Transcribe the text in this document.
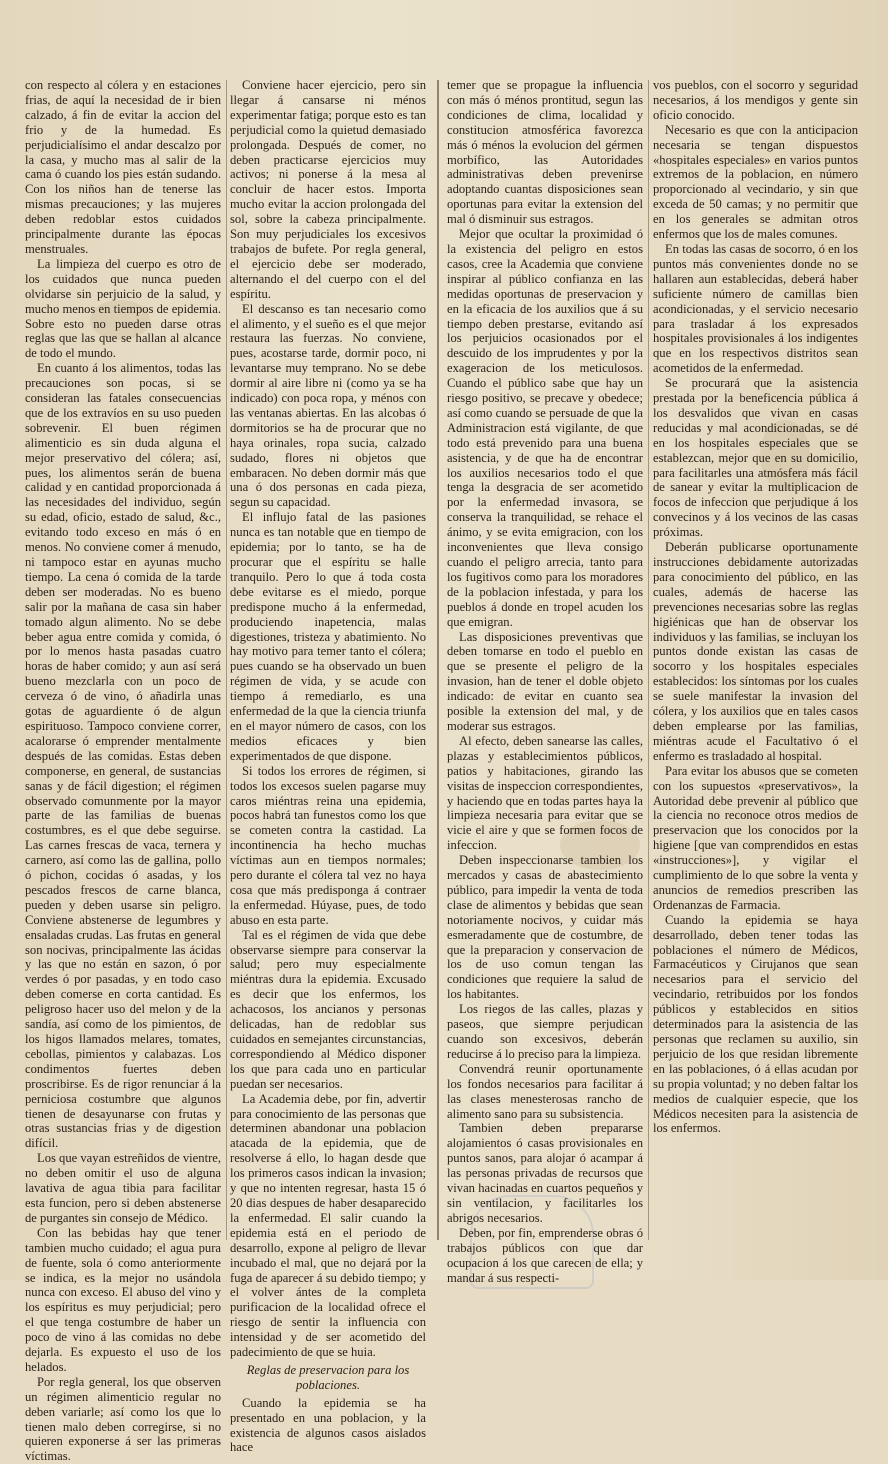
con respecto al cólera y en estaciones frias, de aquí la necesidad de ir bien calzado, á fin de evitar la accion del frio y de la humedad. Es perjudicialísimo el andar descalzo por la casa, y mucho mas al salir de la cama ó cuando los pies están sudando. Con los niños han de tenerse las mismas precauciones; y las mujeres deben redoblar estos cuidados principalmente durante las épocas menstruales.

La limpieza del cuerpo es otro de los cuidados que nunca pueden olvidarse sin perjuicio de la salud, y mucho menos en tiempos de epidemia. Sobre esto no pueden darse otras reglas que las que se hallan al alcance de todo el mundo.

En cuanto á los alimentos, todas las precauciones son pocas, si se consideran las fatales consecuencias que de los extravíos en su uso pueden sobrevenir. El buen régimen alimenticio es sin duda alguna el mejor preservativo del cólera; así, pues, los alimentos serán de buena calidad y en cantidad proporcionada á las necesidades del individuo, según su edad, oficio, estado de salud, &c., evitando todo exceso en más ó en menos. No conviene comer á menudo, ni tampoco estar en ayunas mucho tiempo. La cena ó comida de la tarde deben ser moderadas. No es bueno salir por la mañana de casa sin haber tomado algun alimento. No se debe beber agua entre comida y comida, ó por lo menos hasta pasadas cuatro horas de haber comido; y aun así será bueno mezclarla con un poco de cerveza ó de vino, ó añadirla unas gotas de aguardiente ó de algun espirituoso. Tampoco conviene correr, acalorarse ó emprender mentalmente después de las comidas. Estas deben componerse, en general, de sustancias sanas y de fácil digestion; el régimen observado comunmente por la mayor parte de las familias de buenas costumbres, es el que debe seguirse. Las carnes frescas de vaca, ternera y carnero, así como las de gallina, pollo ó pichon, cocidas ó asadas, y los pescados frescos de carne blanca, pueden y deben usarse sin peligro. Conviene abstenerse de legumbres y ensaladas crudas. Las frutas en general son nocivas, principalmente las ácidas y las que no están en sazon, ó por verdes ó por pasadas, y en todo caso deben comerse en corta cantidad. Es peligroso hacer uso del melon y de la sandía, así como de los pimientos, de los higos llamados melares, tomates, cebollas, pimientos y calabazas. Los condimentos fuertes deben proscribirse. Es de rigor renunciar á la perniciosa costumbre que algunos tienen de desayunarse con frutas y otras sustancias frias y de digestion difícil.

Los que vayan estreñidos de vientre, no deben omitir el uso de alguna lavativa de agua tibia para facilitar esta funcion, pero si deben abstenerse de purgantes sin consejo de Médico.

Con las bebidas hay que tener tambien mucho cuidado; el agua pura de fuente, sola ó como anteriormente se indica, es la mejor no usándola nunca con exceso. El abuso del vino y los espíritus es muy perjudicial; pero el que tenga costumbre de haber un poco de vino á las comidas no debe dejarla. Es expuesto el uso de los helados.

Por regla general, los que observen un régimen alimenticio regular no deben variarle; así como los que lo tienen malo deben corregirse, si no quieren exponerse á ser las primeras víctimas.

Conviene hacer ejercicio, pero sin llegar á cansarse ni ménos experimentar fatiga; porque esto es tan perjudicial como la quietud demasiado prolongada. Después de comer, no deben practicarse ejercicios muy activos; ni ponerse á la mesa al concluir de hacer estos. Importa mucho evitar la accion prolongada del sol, sobre la cabeza principalmente. Son muy perjudiciales los excesivos trabajos de bufete. Por regla general, el ejercicio debe ser moderado, alternando el del cuerpo con el del espíritu.

El descanso es tan necesario como el alimento, y el sueño es el que mejor restaura las fuerzas. No conviene, pues, acostarse tarde, dormir poco, ni levantarse muy temprano. No se debe dormir al aire libre ni (como ya se ha indicado) con poca ropa, y ménos con las ventanas abiertas. En las alcobas ó dormitorios se ha de procurar que no haya orinales, ropa sucia, calzado sudado, flores ni objetos que embaracen. No deben dormir más que una ó dos personas en cada pieza, segun su capacidad.

El influjo fatal de las pasiones nunca es tan notable que en tiempo de epidemia; por lo tanto, se ha de procurar que el espíritu se halle tranquilo. Pero lo que á toda costa debe evitarse es el miedo, porque predispone mucho á la enfermedad, produciendo inapetencia, malas digestiones, tristeza y abatimiento. No hay motivo para temer tanto el cólera; pues cuando se ha observado un buen régimen de vida, y se acude con tiempo á remediarlo, es una enfermedad de la que la ciencia triunfa en el mayor número de casos, con los medios eficaces y bien experimentados de que dispone.

Si todos los errores de régimen, si todos los excesos suelen pagarse muy caros miéntras reina una epidemia, pocos habrá tan funestos como los que se cometen contra la castidad. La incontinencia ha hecho muchas víctimas aun en tiempos normales; pero durante el cólera tal vez no haya cosa que más predisponga á contraer la enfermedad. Húyase, pues, de todo abuso en esta parte.

Tal es el régimen de vida que debe observarse siempre para conservar la salud; pero muy especialmente miéntras dura la epidemia. Excusado es decir que los enfermos, los achacosos, los ancianos y personas delicadas, han de redoblar sus cuidados en semejantes circunstancias, correspondiendo al Médico disponer los que para cada uno en particular puedan ser necesarios.

La Academia debe, por fin, advertir para conocimiento de las personas que determinen abandonar una poblacion atacada de la epidemia, que de resolverse á ello, lo hagan desde que los primeros casos indican la invasion; y que no intenten regresar, hasta 15 ó 20 dias despues de haber desaparecido la enfermedad. El salir cuando la epidemia está en el periodo de desarrollo, expone al peligro de llevar incubado el mal, que no dejará por la fuga de aparecer á su debido tiempo; y el volver ántes de la completa purificacion de la localidad ofrece el riesgo de sentir la influencia con intensidad y de ser acometido del padecimiento de que se huia.

Reglas de preservacion para los poblaciones.

Cuando la epidemia se ha presentado en una poblacion, y la existencia de algunos casos aislados hace

temer que se propague la influencia con más ó ménos prontitud, segun las condiciones de clima, localidad y constitucion atmosférica favorezca más ó ménos la evolucion del gérmen morbífico, las Autoridades administrativas deben prevenirse adoptando cuantas disposiciones sean oportunas para evitar la extension del mal ó disminuir sus estragos.

Mejor que ocultar la proximidad ó la existencia del peligro en estos casos, cree la Academia que conviene inspirar al público confianza en las medidas oportunas de preservacion y en la eficacia de los auxilios que á su tiempo deben prestarse, evitando así los perjuicios ocasionados por el descuido de los imprudentes y por la exageracion de los meticulosos. Cuando el público sabe que hay un riesgo positivo, se precave y obedece; así como cuando se persuade de que la Administracion está vigilante, de que todo está prevenido para una buena asistencia, y de que ha de encontrar los auxilios necesarios todo el que tenga la desgracia de ser acometido por la enfermedad invasora, se conserva la tranquilidad, se rehace el ánimo, y se evita emigracion, con los inconvenientes que lleva consigo cuando el peligro arrecia, tanto para los fugitivos como para los moradores de la poblacion infestada, y para los pueblos á donde en tropel acuden los que emigran.

Las disposiciones preventivas que deben tomarse en todo el pueblo en que se presente el peligro de la invasion, han de tener el doble objeto indicado: de evitar en cuanto sea posible la extension del mal, y de moderar sus estragos.

Al efecto, deben sanearse las calles, plazas y establecimientos públicos, patios y habitaciones, girando las visitas de inspeccion correspondientes, y haciendo que en todas partes haya la limpieza necesaria para evitar que se vicie el aire y que se formen focos de infeccion.

Deben inspeccionarse tambien los mercados y casas de abastecimiento público, para impedir la venta de toda clase de alimentos y bebidas que sean notoriamente nocivos, y cuidar más esmeradamente que de costumbre, de que la preparacion y conservacion de los de uso comun tengan las condiciones que requiere la salud de los habitantes.

Los riegos de las calles, plazas y paseos, que siempre perjudican cuando son excesivos, deberán reducirse á lo preciso para la limpieza.

Convendrá reunir oportunamente los fondos necesarios para facilitar á las clases menesterosas rancho de alimento sano para su subsistencia.

Tambien deben prepararse alojamientos ó casas provisionales en puntos sanos, para alojar ó acampar á las personas privadas de recursos que vivan hacinadas en cuartos pequeños y sin ventilacion, y facilitarles los abrigos necesarios.

Deben, por fin, emprenderse obras ó trabajos públicos con que dar ocupacion á los que carecen de ella; y mandar á sus respecti-

vos pueblos, con el socorro y seguridad necesarios, á los mendigos y gente sin oficio conocido.

Necesario es que con la anticipacion necesaria se tengan dispuestos «hospitales especiales» en varios puntos extremos de la poblacion, en número proporcionado al vecindario, y sin que exceda de 50 camas; y no permitir que en los generales se admitan otros enfermos que los de males comunes.

En todas las casas de socorro, ó en los puntos más convenientes donde no se hallaren aun establecidas, deberá haber suficiente número de camillas bien acondicionadas, y el servicio necesario para trasladar á los expresados hospitales provisionales á los indigentes que en los respectivos distritos sean acometidos de la enfermedad.

Se procurará que la asistencia prestada por la beneficencia pública á los desvalidos que vivan en casas reducidas y mal acondicionadas, se dé en los hospitales especiales que se establezcan, mejor que en su domicilio, para facilitarles una atmósfera más fácil de sanear y evitar la multiplicacion de focos de infeccion que perjudique á los convecinos y á los vecinos de las casas próximas.

Deberán publicarse oportunamente instrucciones debidamente autorizadas para conocimiento del público, en las cuales, además de hacerse las prevenciones necesarias sobre las reglas higiénicas que han de observar los individuos y las familias, se incluyan los puntos donde existan las casas de socorro y los hospitales especiales establecidos: los síntomas por los cuales se suele manifestar la invasion del cólera, y los auxilios que en tales casos deben emplearse por las familias, miéntras acude el Facultativo ó el enfermo es trasladado al hospital.

Para evitar los abusos que se cometen con los supuestos «preservativos», la Autoridad debe prevenir al público que la ciencia no reconoce otros medios de preservacion que los conocidos por la higiene [que van comprendidos en estas «instrucciones»], y vigilar el cumplimiento de lo que sobre la venta y anuncios de remedios prescriben las Ordenanzas de Farmacia.

Cuando la epidemia se haya desarrollado, deben tener todas las poblaciones el número de Médicos, Farmacéuticos y Cirujanos que sean necesarios para el servicio del vecindario, retribuidos por los fondos públicos y establecidos en sitios determinados para la asistencia de las personas que reclamen su auxilio, sin perjuicio de los que residan libremente en las poblaciones, ó á ellas acudan por su propia voluntad; y no deben faltar los medios de cualquier especie, que los Médicos necesiten para la asistencia de los enfermos.
